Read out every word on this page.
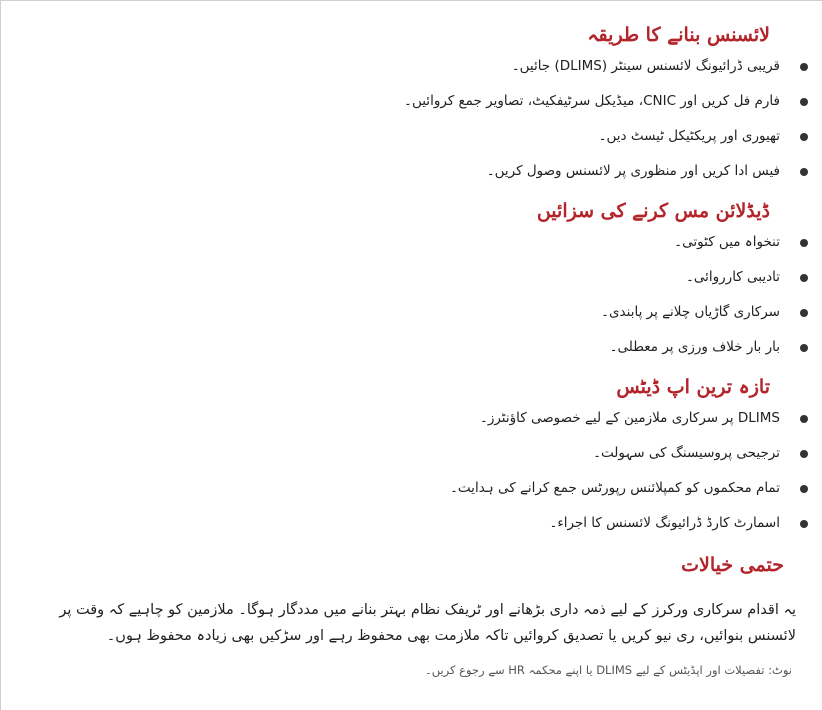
لائسنس بنانے کا طریقہ
قریبی ڈرائیونگ لائسنس سینٹر (DLIMS) جائیں۔
فارم فل کریں اور CNIC، میڈیکل سرٹیفکیٹ، تصاویر جمع کروائیں۔
تھیوری اور پریکٹیکل ٹیسٹ دیں۔
فیس ادا کریں اور منظوری پر لائسنس وصول کریں۔
ڈیڈلائن مس کرنے کی سزائیں
تنخواہ میں کٹوتی۔
تادیبی کارروائی۔
سرکاری گاڑیاں چلانے پر پابندی۔
بار بار خلاف ورزی پر معطلی۔
تازہ ترین اپ ڈیٹس
DLIMS پر سرکاری ملازمین کے لیے خصوصی کاؤنٹرز۔
ترجیحی پروسیسنگ کی سہولت۔
تمام محکموں کو کمپلائنس رپورٹس جمع کرانے کی ہدایت۔
اسمارٹ کارڈ ڈرائیونگ لائسنس کا اجراء۔
حتمی خیالات

یہ اقدام سرکاری ورکرز کے لیے ذمہ داری بڑھانے اور ٹریفک نظام بہتر بنانے میں مددگار ہوگا۔ ملازمین کو چاہیے کہ وقت پر لائسنس بنوائیں، ری نیو کریں یا تصدیق کروائیں تاکہ ملازمت بھی محفوظ رہے اور سڑکیں بھی زیادہ محفوظ ہوں۔

نوٹ: تفصیلات اور اپڈیٹس کے لیے DLIMS یا اپنے محکمہ HR سے رجوع کریں۔
